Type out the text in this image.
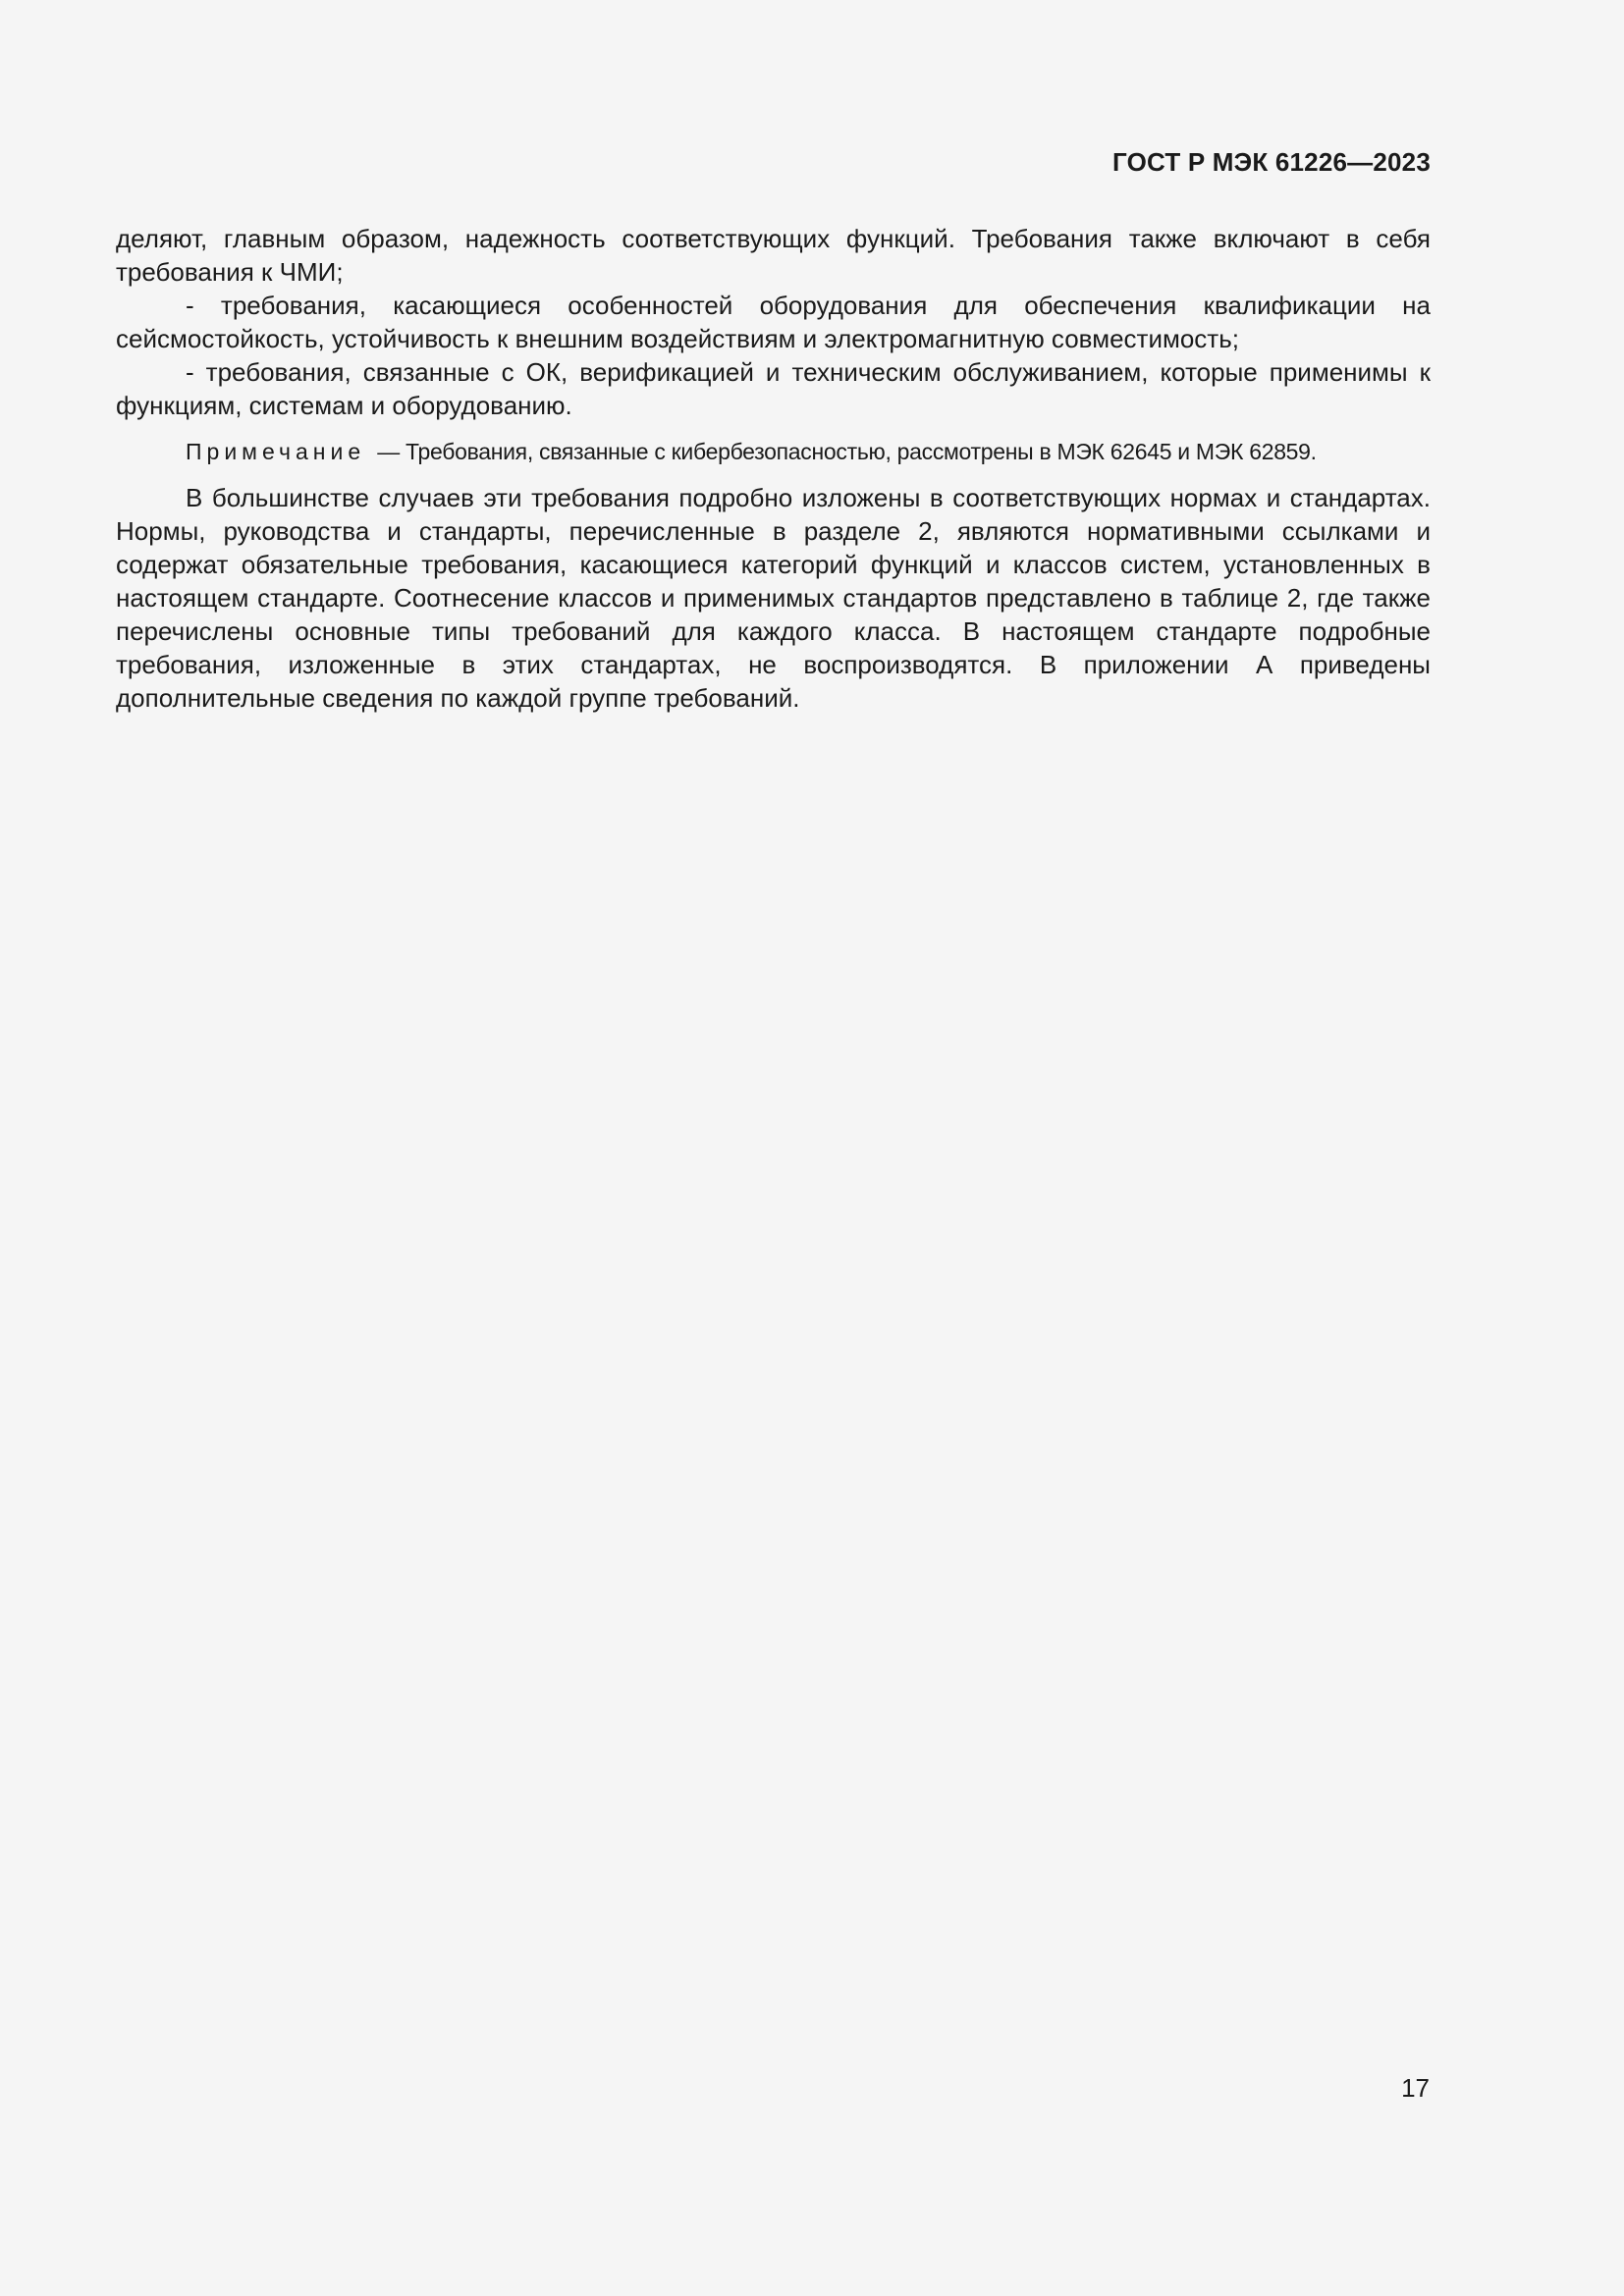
ГОСТ Р МЭК 61226—2023

деляют, главным образом, надежность соответствующих функций. Требования также включают в себя требования к ЧМИ;

- требования, касающиеся особенностей оборудования для обеспечения квалификации на сейсмостойкость, устойчивость к внешним воздействиям и электромагнитную совместимость;

- требования, связанные с ОК, верификацией и техническим обслуживанием, которые применимы к функциям, системам и оборудованию.

Примечание — Требования, связанные с кибербезопасностью, рассмотрены в МЭК 62645 и МЭК 62859.

В большинстве случаев эти требования подробно изложены в соответствующих нормах и стандартах. Нормы, руководства и стандарты, перечисленные в разделе 2, являются нормативными ссылками и содержат обязательные требования, касающиеся категорий функций и классов систем, установленных в настоящем стандарте. Соотнесение классов и применимых стандартов представлено в таблице 2, где также перечислены основные типы требований для каждого класса. В настоящем стандарте подробные требования, изложенные в этих стандартах, не воспроизводятся. В приложении А приведены дополнительные сведения по каждой группе требований.

17
